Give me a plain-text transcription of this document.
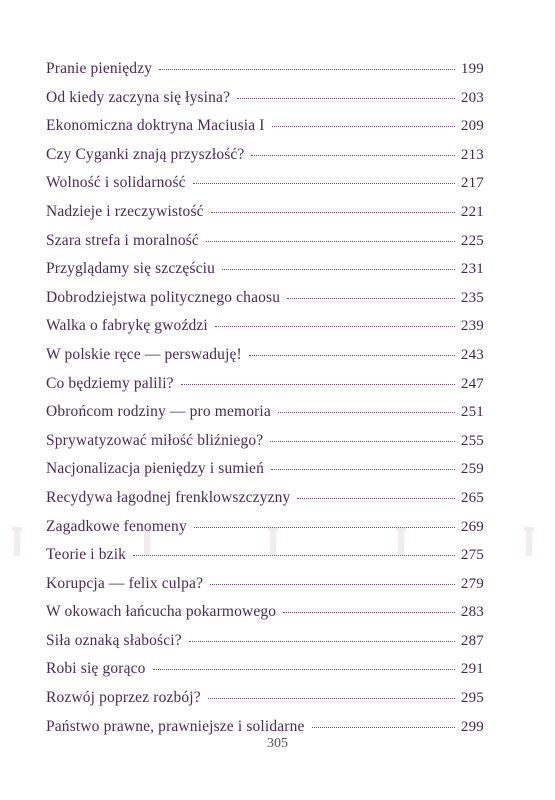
Pranie pieniędzy	199
Od kiedy zaczyna się łysina?	203
Ekonomiczna doktryna Maciusia I	209
Czy Cyganki znają przyszłość?	213
Wolność i solidarność	217
Nadzieje i rzeczywistość	221
Szara strefa i moralność	225
Przyglądamy się szczęściu	231
Dobrodziejstwa politycznego chaosu	235
Walka o fabrykę gwoździ	239
W polskie ręce — perswaduję!	243
Co będziemy palili?	247
Obrońcom rodziny — pro memoria	251
Sprywatyzować miłość bliźniego?	255
Nacjonalizacja pieniędzy i sumień	259
Recydywa łagodnej frenklowszczyzny	265
Zagadkowe fenomeny	269
Teorie i bzik	275
Korupcja — felix culpa?	279
W okowach łańcucha pokarmowego	283
Siła oznaką słabości?	287
Robi się gorąco	291
Rozwój poprzez rozbój?	295
Państwo prawne, prawniejsze i solidarne	299
305
